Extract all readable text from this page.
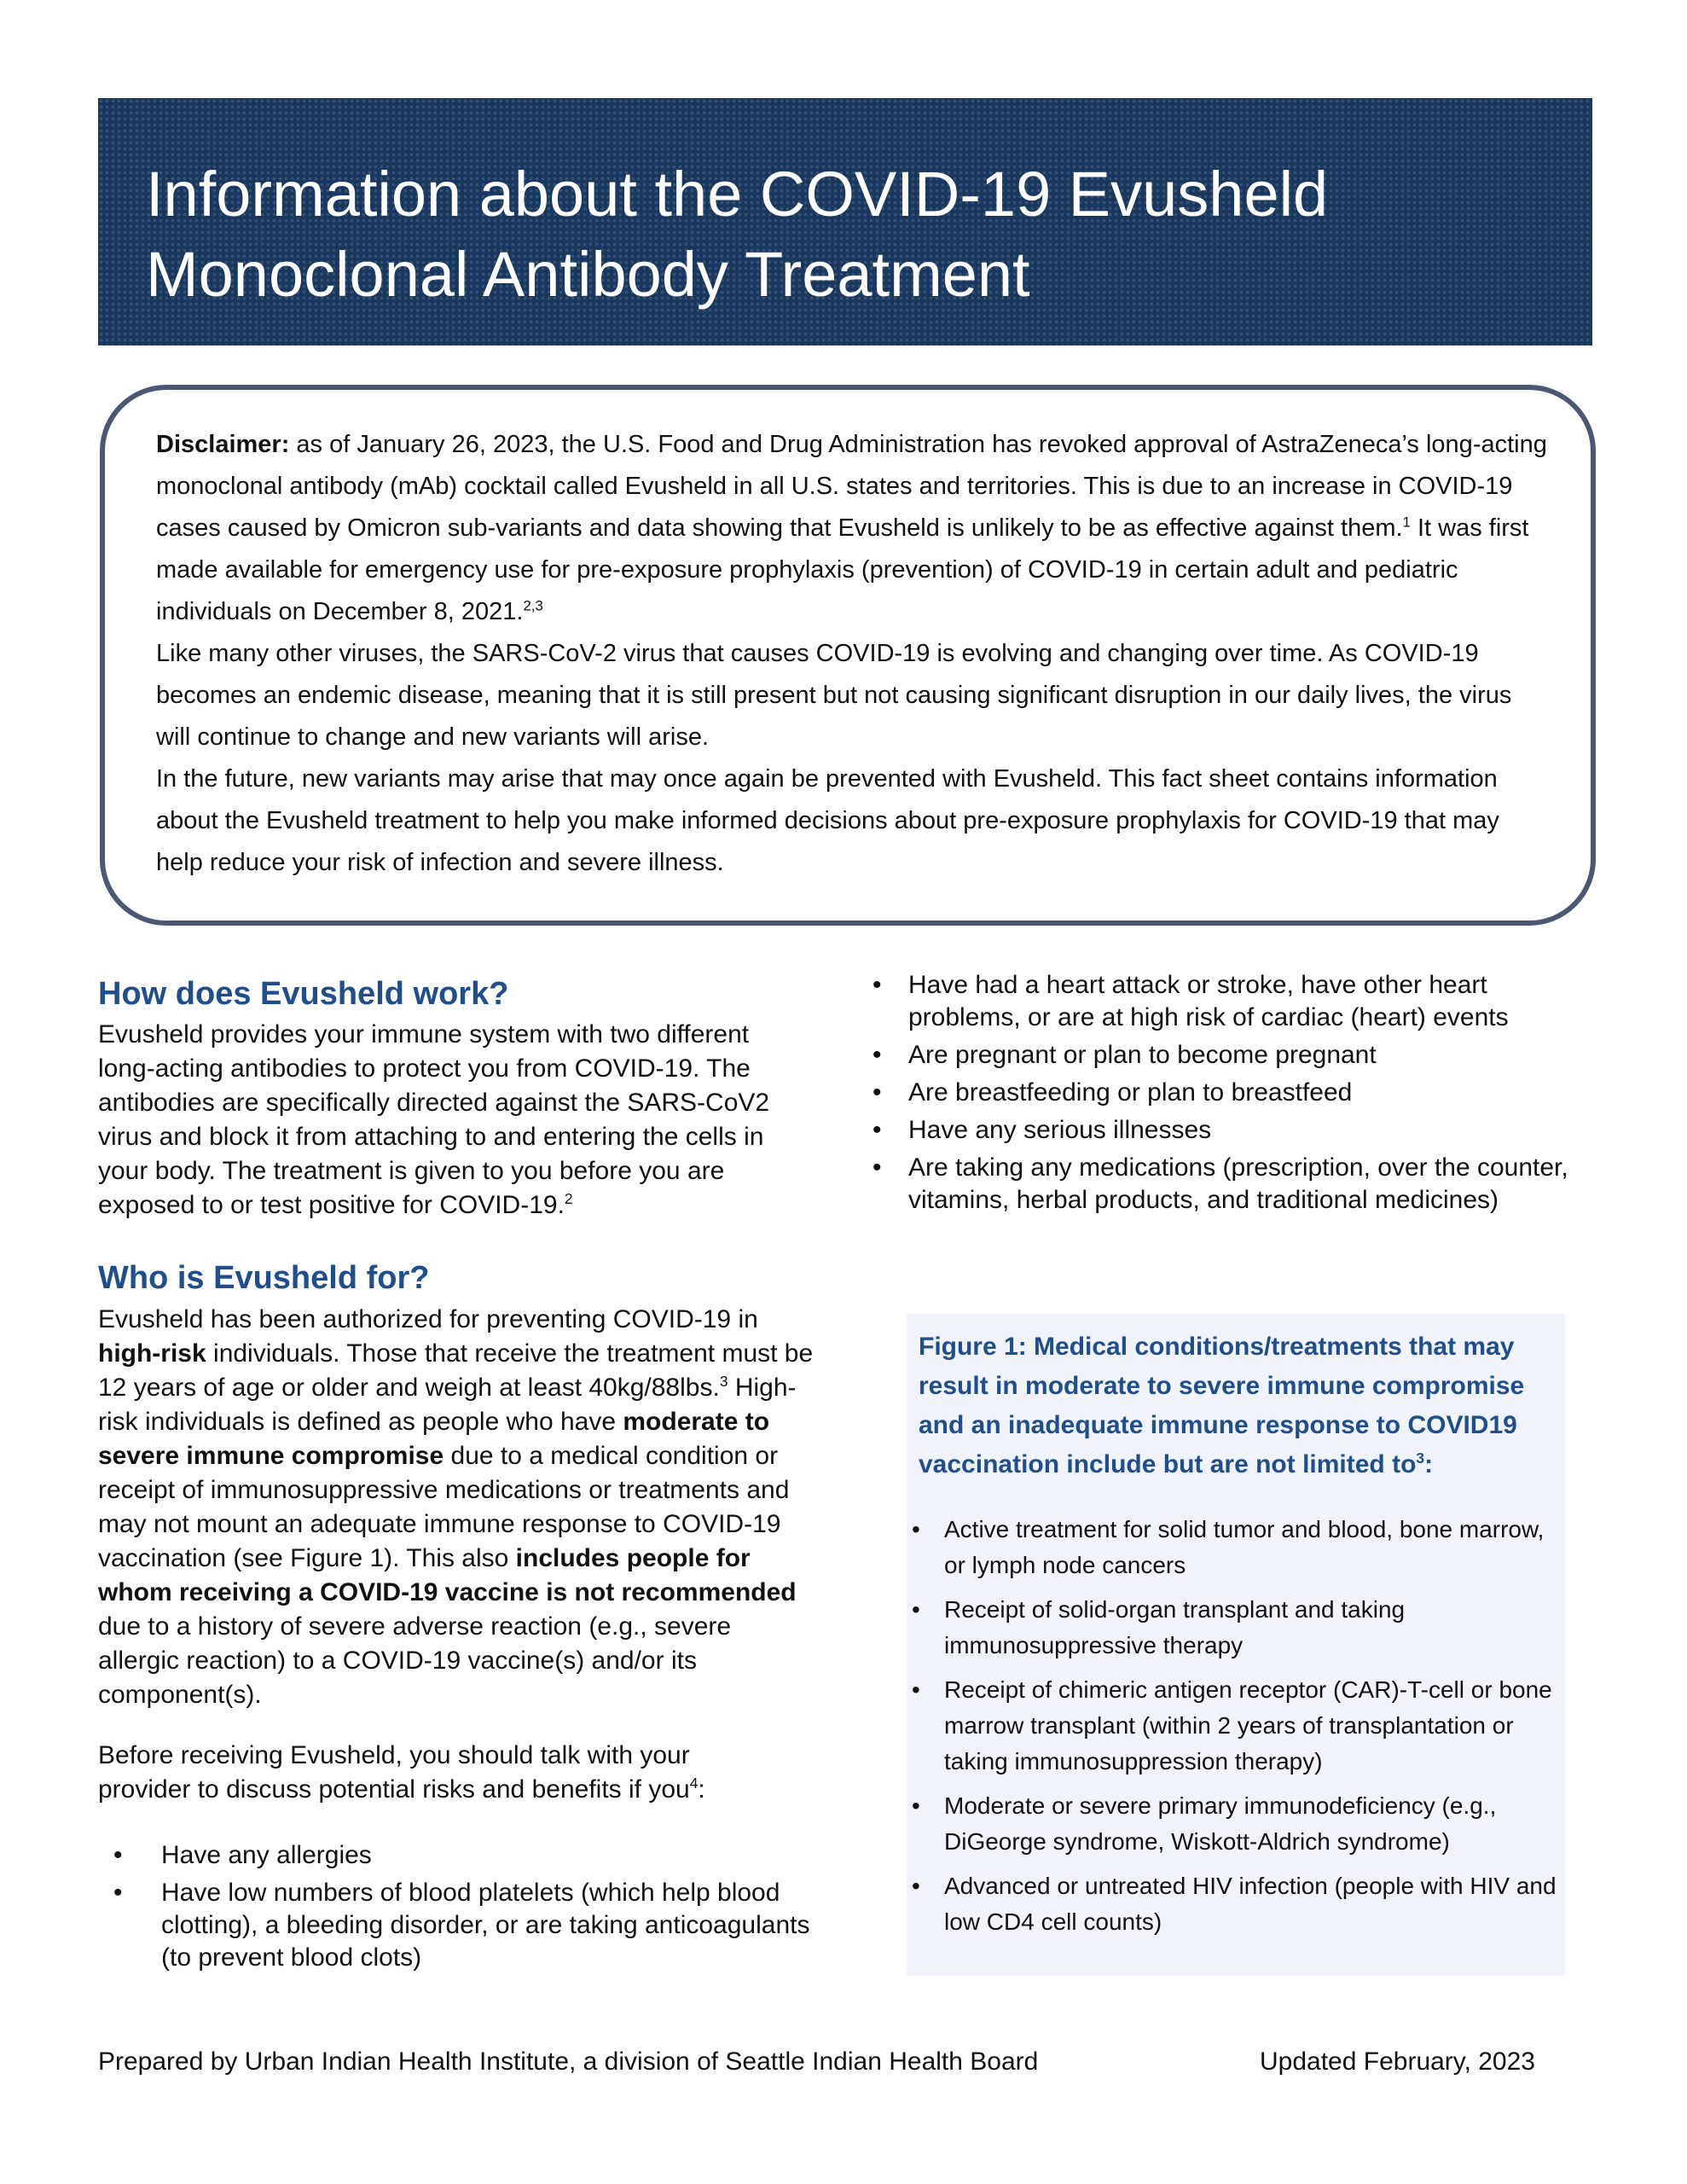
Information about the COVID-19 Evusheld
Monoclonal Antibody Treatment

Disclaimer: as of January 26, 2023, the U.S. Food and Drug Administration has revoked approval of AstraZeneca’s long-acting monoclonal antibody (mAb) cocktail called Evusheld in all U.S. states and territories. This is due to an increase in COVID-19 cases caused by Omicron sub-variants and data showing that Evusheld is unlikely to be as effective against them.$^1$ It was first made available for emergency use for pre-exposure prophylaxis (prevention) of COVID-19 in certain adult and pediatric individuals on December 8, 2021.$^{2,3}$

Like many other viruses, the SARS-CoV-2 virus that causes COVID-19 is evolving and changing over time. As COVID-19 becomes an endemic disease, meaning that it is still present but not causing significant disruption in our daily lives, the virus will continue to change and new variants will arise.

In the future, new variants may arise that may once again be prevented with Evusheld. This fact sheet contains information about the Evusheld treatment to help you make informed decisions about pre-exposure prophylaxis for COVID-19 that may help reduce your risk of infection and severe illness.

How does Evusheld work?

Evusheld provides your immune system with two different long-acting antibodies to protect you from COVID-19. The antibodies are specifically directed against the SARS-CoV2 virus and block it from attaching to and entering the cells in your body. The treatment is given to you before you are exposed to or test positive for COVID-19.$^2$

Who is Evusheld for?

Evusheld has been authorized for preventing COVID-19 in high-risk individuals. Those that receive the treatment must be 12 years of age or older and weigh at least 40kg/88lbs.$^3$ High- risk individuals is defined as people who have moderate to severe immune compromise due to a medical condition or receipt of immunosuppressive medications or treatments and may not mount an adequate immune response to COVID-19 vaccination (see Figure 1). This also includes people for whom receiving a COVID-19 vaccine is not recommended due to a history of severe adverse reaction (e.g., severe allergic reaction) to a COVID-19 vaccine(s) and/or its component(s).

Before receiving Evusheld, you should talk with your provider to discuss potential risks and benefits if you$^4$:

• Have any allergies
• Have low numbers of blood platelets (which help blood clotting), a bleeding disorder, or are taking anticoagulants (to prevent blood clots)
• Have had a heart attack or stroke, have other heart problems, or are at high risk of cardiac (heart) events
• Are pregnant or plan to become pregnant
• Are breastfeeding or plan to breastfeed
• Have any serious illnesses
• Are taking any medications (prescription, over the counter, vitamins, herbal products, and traditional medicines)

Figure 1: Medical conditions/treatments that may result in moderate to severe immune compromise and an inadequate immune response to COVID19 vaccination include but are not limited $to^3$:

• Active treatment for solid tumor and blood, bone marrow, or lymph node cancers
• Receipt of solid-organ transplant and taking immunosuppressive therapy
• Receipt of chimeric antigen receptor (CAR)-T-cell or bone marrow transplant (within 2 years of transplantation or taking immunosuppression therapy)
• Moderate or severe primary immunodeficiency (e.g., DiGeorge syndrome, Wiskott-Aldrich syndrome)
• Advanced or untreated HIV infection (people with HIV and low CD4 cell counts)
Prepared by Urban Indian Health Institute, a division of Seattle Indian Health Board	Updated February, 2023
